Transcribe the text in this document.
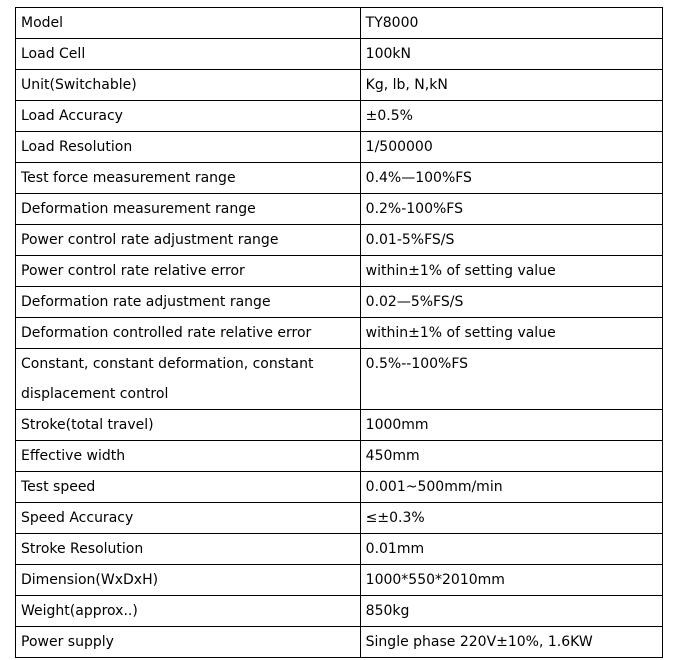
Model	TY8000
Load Cell	100kN
Unit(Switchable)	Kg, lb, N,kN
Load Accuracy	±0.5%
Load Resolution	1/500000
Test force measurement range	0.4%—100%FS
Deformation measurement range	0.2%-100%FS
Power control rate adjustment range	0.01-5%FS/S
Power control rate relative error	within±1% of setting value
Deformation rate adjustment range	0.02—5%FS/S
Deformation controlled rate relative error	within±1% of setting value
Constant, constant deformation, constant displacement control	0.5%--100%FS
Stroke(total travel)	1000mm
Effective width	450mm
Test speed	0.001~500mm/min
Speed Accuracy	≤±0.3%
Stroke Resolution	0.01mm
Dimension(WxDxH)	1000*550*2010mm
Weight(approx..)	850kg
Power supply	Single phase 220V±10%, 1.6KW
